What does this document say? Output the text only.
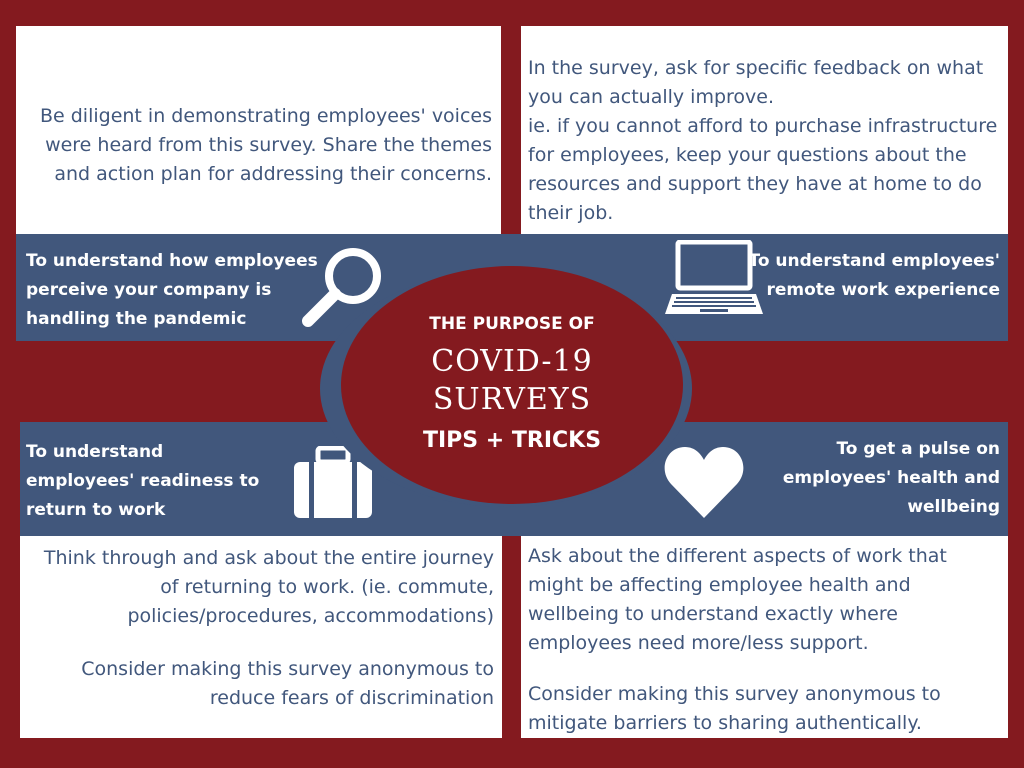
Be diligent in demonstrating employees' voices were heard from this survey. Share the themes and action plan for addressing their concerns.

In the survey, ask for specific feedback on what you can actually improve.

ie. if you cannot afford to purchase infrastructure for employees, keep your questions about the resources and support they have at home to do their job.

Think through and ask about the entire journey of returning to work. (ie. commute, policies/procedures, accommodations)

Consider making this survey anonymous to reduce fears of discrimination

Ask about the different aspects of work that might be affecting employee health and wellbeing to understand exactly where employees need more/less support.

Consider making this survey anonymous to mitigate barriers to sharing authentically.

To understand how employees perceive your company is handling the pandemic
To understand employees' remote work experience
To understand employees' readiness to return to work
To get a pulse on employees' health and wellbeing
THE PURPOSE OF
COVID-19
SURVEYS
TIPS + TRICKS
